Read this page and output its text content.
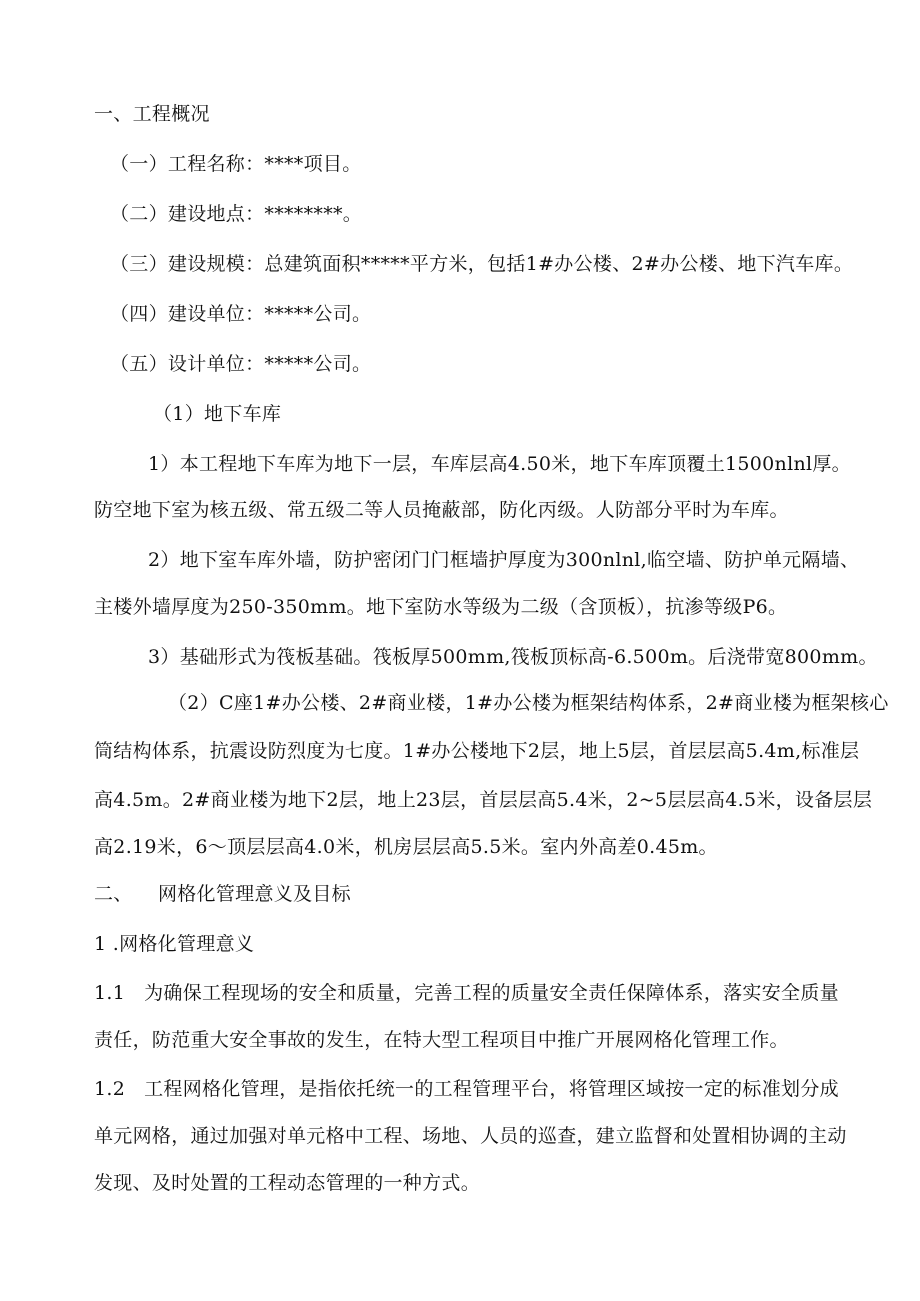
一、工程概况
（一）工程名称：****项目。
（二）建设地点：********。
（三）建设规模：总建筑面积*****平方米，包括1#办公楼、2#办公楼、地下汽车库。
（四）建设单位：*****公司。
（五）设计单位：*****公司。
（1）地下车库
1）本工程地下车库为地下一层，车库层高4.50米，地下车库顶覆土1500nlnl厚。
防空地下室为核五级、常五级二等人员掩蔽部，防化丙级。人防部分平时为车库。
2）地下室车库外墙，防护密闭门门框墙护厚度为300nlnl,临空墙、防护单元隔墙、
主楼外墙厚度为250-350mm。地下室防水等级为二级（含顶板），抗渗等级P6。
3）基础形式为筏板基础。筏板厚500mm,筏板顶标高-6.500m。后浇带宽800mm。
（2）C座1#办公楼、2#商业楼，1#办公楼为框架结构体系，2#商业楼为框架核心
筒结构体系，抗震设防烈度为七度。1#办公楼地下2层，地上5层，首层层高5.4m,标准层
高4.5m。2#商业楼为地下2层，地上23层，首层层高5.4米，2~5层层高4.5米，设备层层
高2.19米，6～顶层层高4.0米，机房层层高5.5米。室内外高差0.45m。
二、    网格化管理意义及目标
1 .网格化管理意义
1.1   为确保工程现场的安全和质量，完善工程的质量安全责任保障体系，落实安全质量
责任，防范重大安全事故的发生，在特大型工程项目中推广开展网格化管理工作。
1.2   工程网格化管理，是指依托统一的工程管理平台，将管理区域按一定的标准划分成
单元网格，通过加强对单元格中工程、场地、人员的巡查，建立监督和处置相协调的主动
发现、及时处置的工程动态管理的一种方式。
